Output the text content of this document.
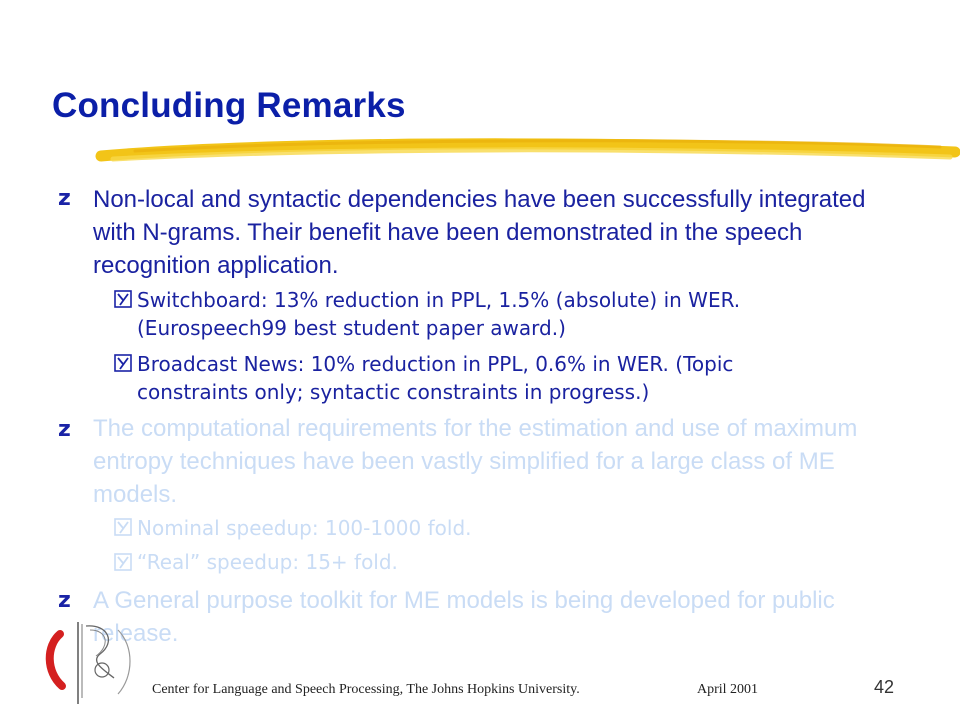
Concluding Remarks
z Non-local and syntactic dependencies have been successfully integrated with N-grams. Their benefit have been demonstrated in the speech recognition application.
Switchboard: 13% reduction in PPL, 1.5% (absolute) in WER. (Eurospeech99 best student paper award.)
Broadcast News: 10% reduction in PPL, 0.6% in WER. (Topic constraints only; syntactic constraints in progress.)
z The computational requirements for the estimation and use of maximum entropy techniques have been vastly simplified for a large class of ME models.
Nominal speedup: 100-1000 fold.
“Real” speedup: 15+ fold.
z A General purpose toolkit for ME models is being developed for public release.
Center for Language and Speech Processing, The Johns Hopkins University.	April 2001	42
